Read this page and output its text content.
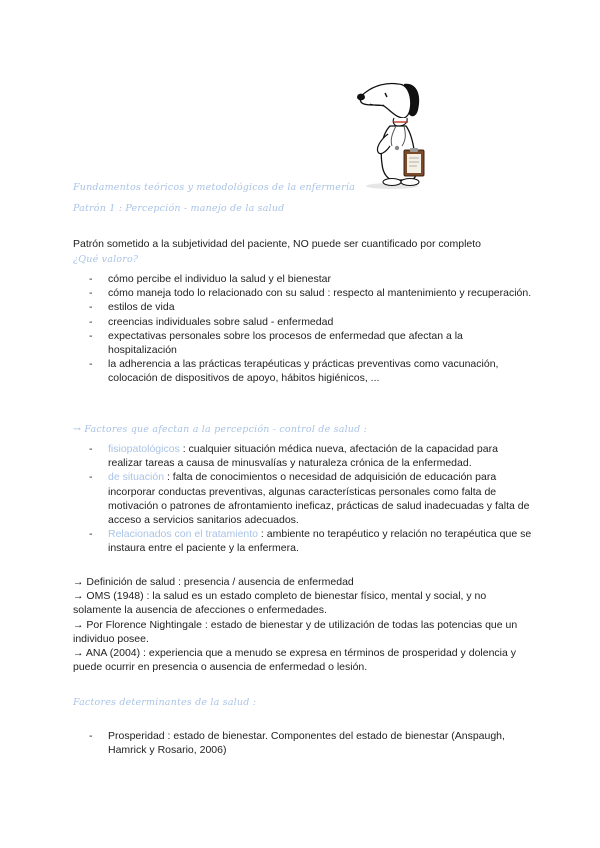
Fundamentos teóricos y metodológicos de la enfermería
Patrón 1 : Percepción - manejo de la salud
Patrón sometido a la subjetividad del paciente, NO puede ser cuantificado por completo
¿Qué valoro?
- cómo percibe el individuo la salud y el bienestar
- cómo maneja todo lo relacionado con su salud : respecto al mantenimiento y recuperación.
- estilos de vida
- creencias individuales sobre salud - enfermedad
- expectativas personales sobre los procesos de enfermedad que afectan a la hospitalización
- la adherencia a las prácticas terapéuticas y prácticas preventivas como vacunación, colocación de dispositivos de apoyo, hábitos higiénicos, ...
→ Factores que afectan a la percepción - control de salud :
- fisiopatológicos : cualquier situación médica nueva, afectación de la capacidad para realizar tareas a causa de minusvalías y naturaleza crónica de la enfermedad.
- de situación : falta de conocimientos o necesidad de adquisición de educación para incorporar conductas preventivas, algunas características personales como falta de motivación o patrones de afrontamiento ineficaz, prácticas de salud inadecuadas y falta de acceso a servicios sanitarios adecuados.
- Relacionados con el tratamiento : ambiente no terapéutico y relación no terapéutica que se instaura entre el paciente y la enfermera.

→ Definición de salud : presencia / ausencia de enfermedad

→ OMS (1948) : la salud es un estado completo de bienestar físico, mental y social, y no solamente la ausencia de afecciones o enfermedades.

→ Por Florence Nightingale : estado de bienestar y de utilización de todas las potencias que un individuo posee.

→ ANA (2004) : experiencia que a menudo se expresa en términos de prosperidad y dolencia y puede ocurrir en presencia o ausencia de enfermedad o lesión.

Factores determinantes de la salud :
- Prosperidad : estado de bienestar. Componentes del estado de bienestar (Anspaugh, Hamrick y Rosario, 2006)
